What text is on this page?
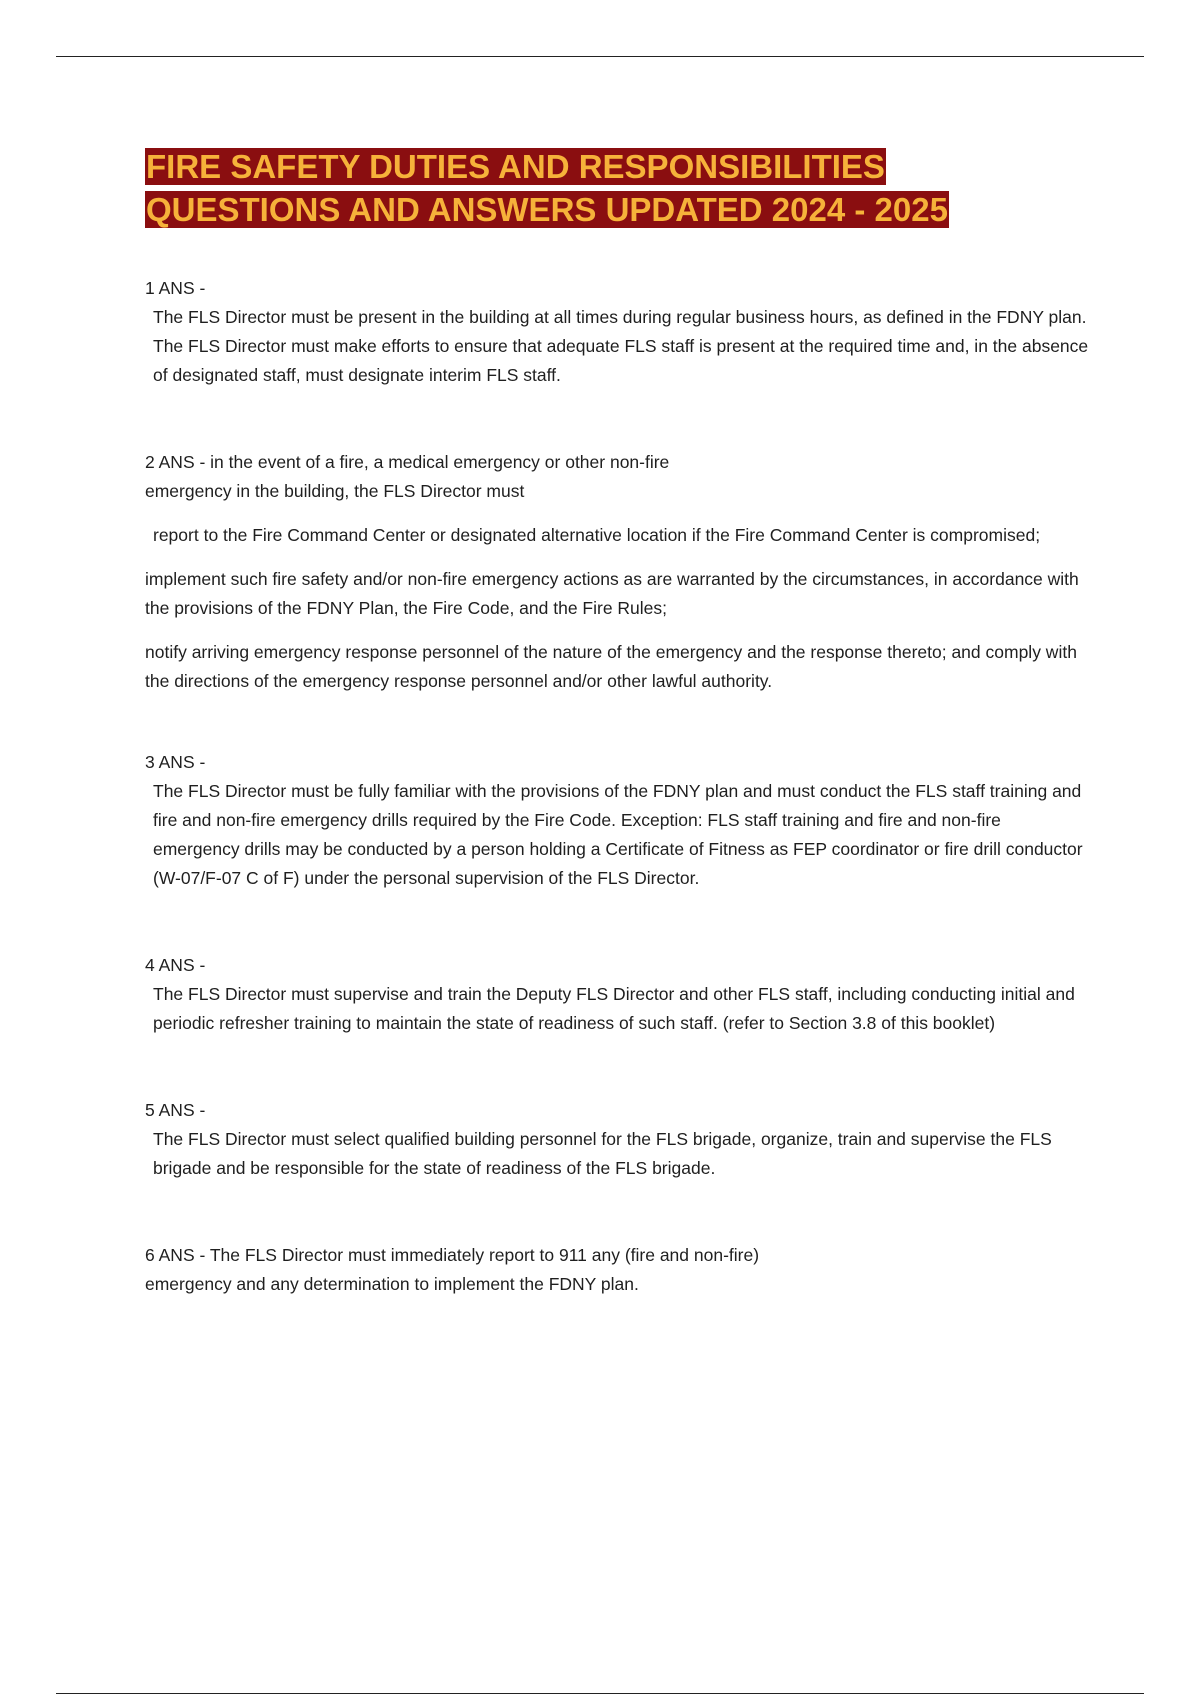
FIRE SAFETY DUTIES AND RESPONSIBILITIES
QUESTIONS AND ANSWERS UPDATED 2024 - 2025

1 ANS -

The FLS Director must be present in the building at all times during regular business hours, as defined in the FDNY plan. The FLS Director must make efforts to ensure that adequate FLS staff is present at the required time and, in the absence of designated staff, must designate interim FLS staff.

2 ANS - in the event of a fire, a medical emergency or other non-fire emergency in the building, the FLS Director must

report to the Fire Command Center or designated alternative location if the Fire Command Center is compromised;

implement such fire safety and/or non-fire emergency actions as are warranted by the circumstances, in accordance with the provisions of the FDNY Plan, the Fire Code, and the Fire Rules;

notify arriving emergency response personnel of the nature of the emergency and the response thereto; and comply with the directions of the emergency response personnel and/or other lawful authority.

3 ANS -

The FLS Director must be fully familiar with the provisions of the FDNY plan and must conduct the FLS staff training and fire and non-fire emergency drills required by the Fire Code. Exception: FLS staff training and fire and non-fire emergency drills may be conducted by a person holding a Certificate of Fitness as FEP coordinator or fire drill conductor (W-07/F-07 C of F) under the personal supervision of the FLS Director.

4 ANS -

The FLS Director must supervise and train the Deputy FLS Director and other FLS staff, including conducting initial and periodic refresher training to maintain the state of readiness of such staff. (refer to Section 3.8 of this booklet)

5 ANS -

The FLS Director must select qualified building personnel for the FLS brigade, organize, train and supervise the FLS brigade and be responsible for the state of readiness of the FLS brigade.

6 ANS - The FLS Director must immediately report to 911 any (fire and non-fire) emergency and any determination to implement the FDNY plan.
